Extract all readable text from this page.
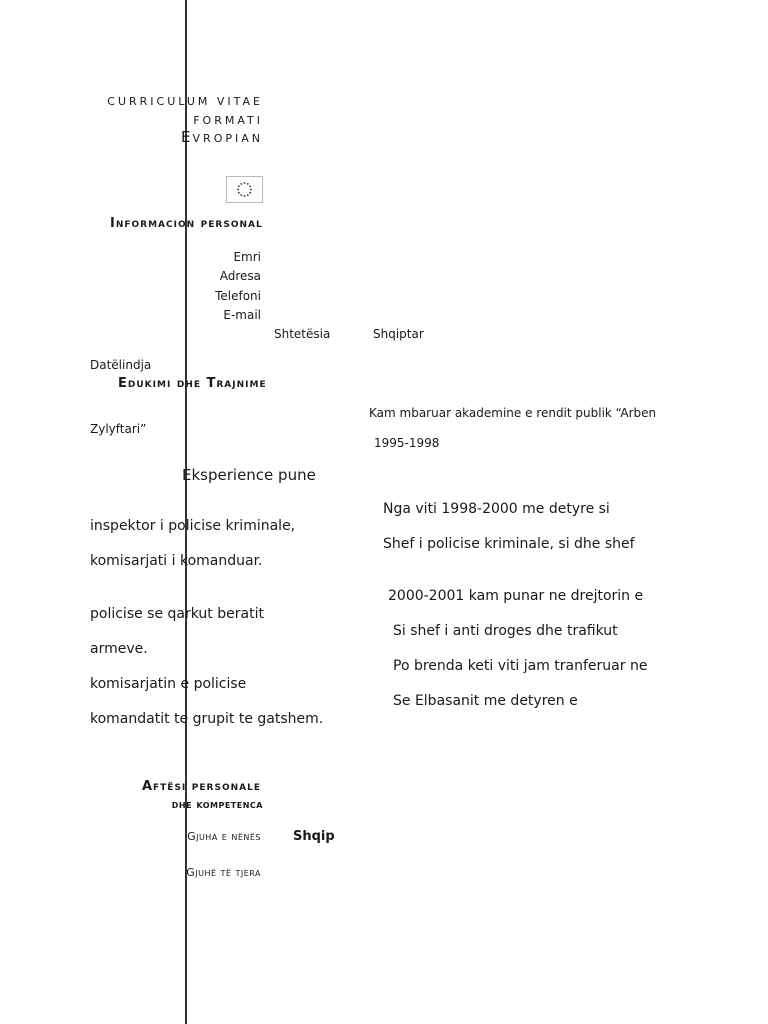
CURRICULUM VITAE
FORMATI
EVROPIAN
Informacion personal
Emri
Adresa
Telefoni
E-mail
Shtetësia	Shqiptar
Datëlindja
Edukimi dhe Trajnime
Kam mbaruar akademine e rendit publik “Arben
Zylyftari”
1995-1998
Eksperience pune
Nga viti 1998-2000 me detyre si
inspektor i policise kriminale,
Shef i policise kriminale, si dhe shef
komisarjati i komanduar.
2000-2001 kam punar ne drejtorin e
policise se qarkut beratit
Si shef i anti droges dhe trafikut
armeve.
Po brenda keti viti jam tranferuar ne
komisarjatin e policise
Se Elbasanit me detyren e
komandatit te grupit te gatshem.
Aftësi personale
dhe kompetenca
Gjuha e nënës Shqip
Gjuhë të tjera
